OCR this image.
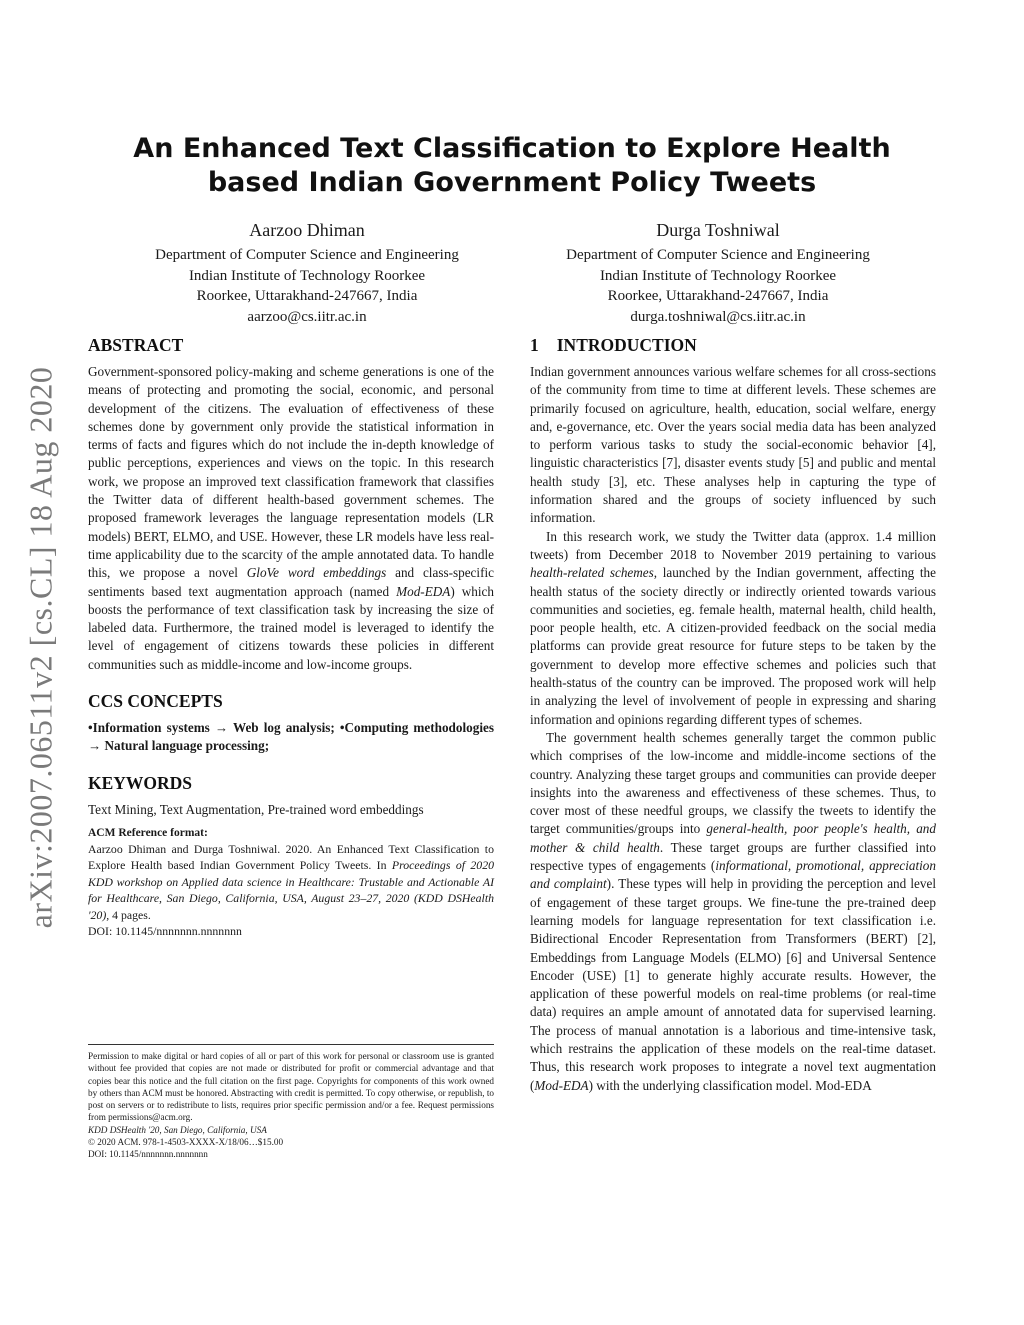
arXiv:2007.06511v2 [cs.CL] 18 Aug 2020
An Enhanced Text Classification to Explore Health based Indian Government Policy Tweets
Aarzoo Dhiman
Department of Computer Science and Engineering
Indian Institute of Technology Roorkee
Roorkee, Uttarakhand-247667, India
aarzoo@cs.iitr.ac.in
Durga Toshniwal
Department of Computer Science and Engineering
Indian Institute of Technology Roorkee
Roorkee, Uttarakhand-247667, India
durga.toshniwal@cs.iitr.ac.in
ABSTRACT

Government-sponsored policy-making and scheme generations is one of the means of protecting and promoting the social, economic, and personal development of the citizens. The evaluation of effectiveness of these schemes done by government only provide the statistical information in terms of facts and figures which do not include the in-depth knowledge of public perceptions, experiences and views on the topic. In this research work, we propose an improved text classification framework that classifies the Twitter data of different health-based government schemes. The proposed framework leverages the language representation models (LR models) BERT, ELMO, and USE. However, these LR models have less real-time applicability due to the scarcity of the ample annotated data. To handle this, we propose a novel GloVe word embeddings and class-specific sentiments based text augmentation approach (named Mod-EDA) which boosts the performance of text classification task by increasing the size of labeled data. Furthermore, the trained model is leveraged to identify the level of engagement of citizens towards these policies in different communities such as middle-income and low-income groups.

CCS CONCEPTS

•Information systems → Web log analysis; •Computing methodologies → Natural language processing;

KEYWORDS

Text Mining, Text Augmentation, Pre-trained word embeddings

ACM Reference format:

Aarzoo Dhiman and Durga Toshniwal. 2020. An Enhanced Text Classification to Explore Health based Indian Government Policy Tweets. In Proceedings of 2020 KDD workshop on Applied data science in Healthcare: Trustable and Actionable AI for Healthcare, San Diego, California, USA, August 23–27, 2020 (KDD DSHealth '20), 4 pages.

DOI: 10.1145/nnnnnnn.nnnnnnn

Permission to make digital or hard copies of all or part of this work for personal or classroom use is granted without fee provided that copies are not made or distributed for profit or commercial advantage and that copies bear this notice and the full citation on the first page. Copyrights for components of this work owned by others than ACM must be honored. Abstracting with credit is permitted. To copy otherwise, or republish, to post on servers or to redistribute to lists, requires prior specific permission and/or a fee. Request permissions from permissions@acm.org.
KDD DSHealth '20, San Diego, California, USA
© 2020 ACM. 978-1-4503-XXXX-X/18/06…$15.00
DOI: 10.1145/nnnnnnn.nnnnnnn
1 INTRODUCTION

Indian government announces various welfare schemes for all cross-sections of the community from time to time at different levels. These schemes are primarily focused on agriculture, health, education, social welfare, energy and, e-governance, etc. Over the years social media data has been analyzed to perform various tasks to study the social-economic behavior [4], linguistic characteristics [7], disaster events study [5] and public and mental health study [3], etc. These analyses help in capturing the type of information shared and the groups of society influenced by such information.

In this research work, we study the Twitter data (approx. 1.4 million tweets) from December 2018 to November 2019 pertaining to various health-related schemes, launched by the Indian government, affecting the health status of the society directly or indirectly oriented towards various communities and societies, eg. female health, maternal health, child health, poor people health, etc. A citizen-provided feedback on the social media platforms can provide great resource for future steps to be taken by the government to develop more effective schemes and policies such that health-status of the country can be improved. The proposed work will help in analyzing the level of involvement of people in expressing and sharing information and opinions regarding different types of schemes.

The government health schemes generally target the common public which comprises of the low-income and middle-income sections of the country. Analyzing these target groups and communities can provide deeper insights into the awareness and effectiveness of these schemes. Thus, to cover most of these needful groups, we classify the tweets to identify the target communities/groups into general-health, poor people's health, and mother & child health. These target groups are further classified into respective types of engagements (informational, promotional, appreciation and complaint). These types will help in providing the perception and level of engagement of these target groups. We fine-tune the pre-trained deep learning models for language representation for text classification i.e. Bidirectional Encoder Representation from Transformers (BERT) [2], Embeddings from Language Models (ELMO) [6] and Universal Sentence Encoder (USE) [1] to generate highly accurate results. However, the application of these powerful models on real-time problems (or real-time data) requires an ample amount of annotated data for supervised learning. The process of manual annotation is a laborious and time-intensive task, which restrains the application of these models on the real-time dataset. Thus, this research work proposes to integrate a novel text augmentation (Mod-EDA) with the underlying classification model. Mod-EDA
